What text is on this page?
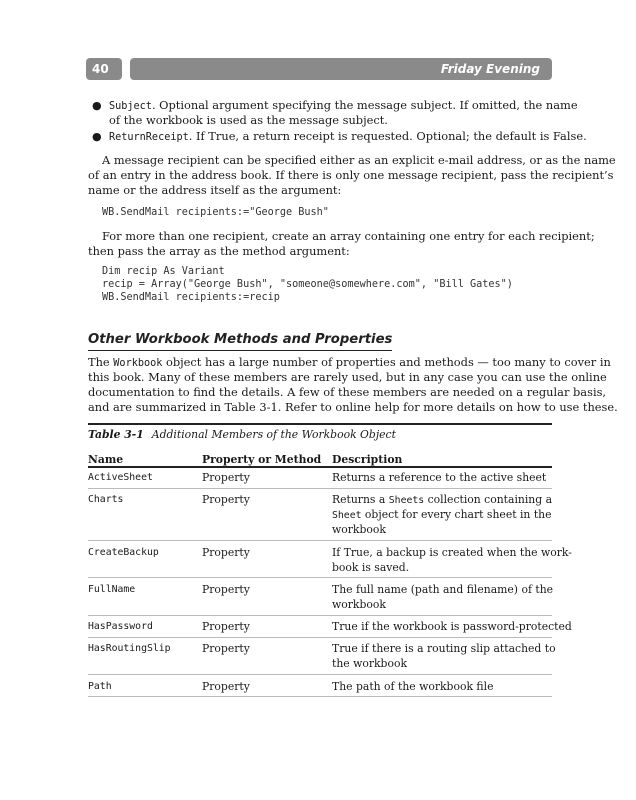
40	Friday Evening
● Subject. Optional argument specifying the message subject. If omitted, the name
of the workbook is used as the message subject.
● ReturnReceipt. If True, a return receipt is requested. Optional; the default is False.
A message recipient can be specified either as an explicit e-mail address, or as the name
of an entry in the address book. If there is only one message recipient, pass the recipient’s
name or the address itself as the argument:
WB.SendMail recipients:="George Bush"
For more than one recipient, create an array containing one entry for each recipient;
then pass the array as the method argument:
Dim recip As Variant
recip = Array("George Bush", "someone@somewhere.com", "Bill Gates")
WB.SendMail recipients:=recip
Other Workbook Methods and Properties
The Workbook object has a large number of properties and methods — too many to cover in
this book. Many of these members are rarely used, but in any case you can use the online
documentation to find the details. A few of these members are needed on a regular basis,
and are summarized in Table 3-1. Refer to online help for more details on how to use these.
Table 3-1 Additional Members of the Workbook Object
Name	Property or Method Description
ActiveSheet	Property	Returns a reference to the active sheet
Charts	Property	Returns a Sheets collection containing a
Sheet object for every chart sheet in the
workbook
CreateBackup	Property	If True, a backup is created when the work-
book is saved.
FullName	Property	The full name (path and filename) of the
workbook
HasPassword	Property	True if the workbook is password-protected
HasRoutingSlip	Property	True if there is a routing slip attached to
the workbook
Path	Property	The path of the workbook file
